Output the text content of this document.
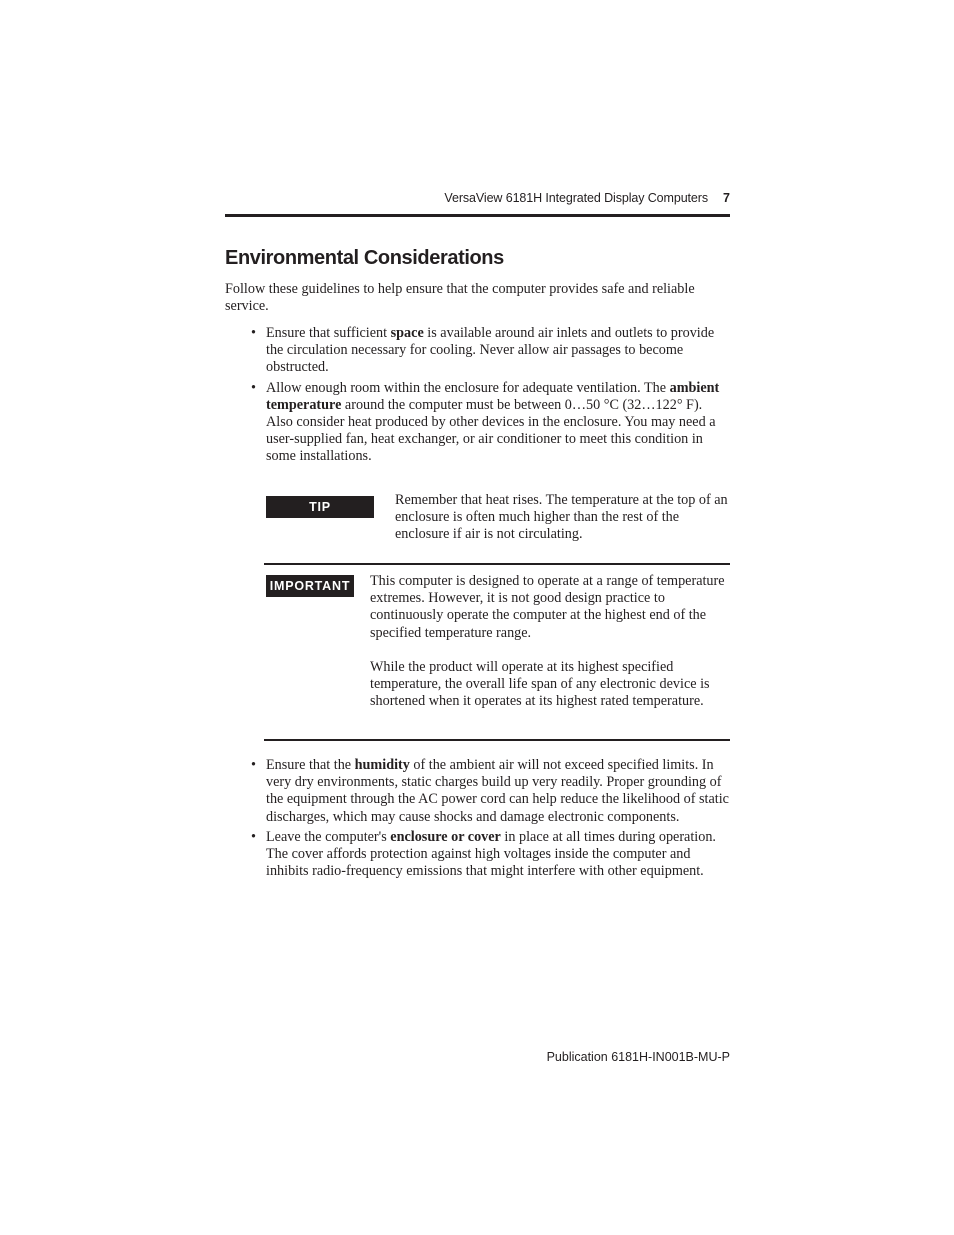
VersaView 6181H Integrated Display Computers 7
Environmental Considerations

Follow these guidelines to help ensure that the computer provides safe and reliable service.

• Ensure that sufficient space is available around air inlets and outlets to provide the circulation necessary for cooling. Never allow air passages to become obstructed.
• Allow enough room within the enclosure for adequate ventilation. The ambient temperature around the computer must be between 0…50 °C (32…122° F). Also consider heat produced by other devices in the enclosure. You may need a user-supplied fan, heat exchanger, or air conditioner to meet this condition in some installations.
TIP	Remember that heat rises. The temperature at the top of an enclosure is often much higher than the rest of the enclosure if air is not circulating.

IMPORTANT This computer is designed to operate at a range of temperature extremes. However, it is not good design practice to continuously operate the computer at the highest end of the specified temperature range.

While the product will operate at its highest specified temperature, the overall life span of any electronic device is shortened when it operates at its highest rated temperature.

• Ensure that the humidity of the ambient air will not exceed specified limits. In very dry environments, static charges build up very readily. Proper grounding of the equipment through the AC power cord can help reduce the likelihood of static discharges, which may cause shocks and damage electronic components.
• Leave the computer's enclosure or cover in place at all times during operation. The cover affords protection against high voltages inside the computer and inhibits radio-frequency emissions that might interfere with other equipment.
Publication 6181H-IN001B-MU-P
